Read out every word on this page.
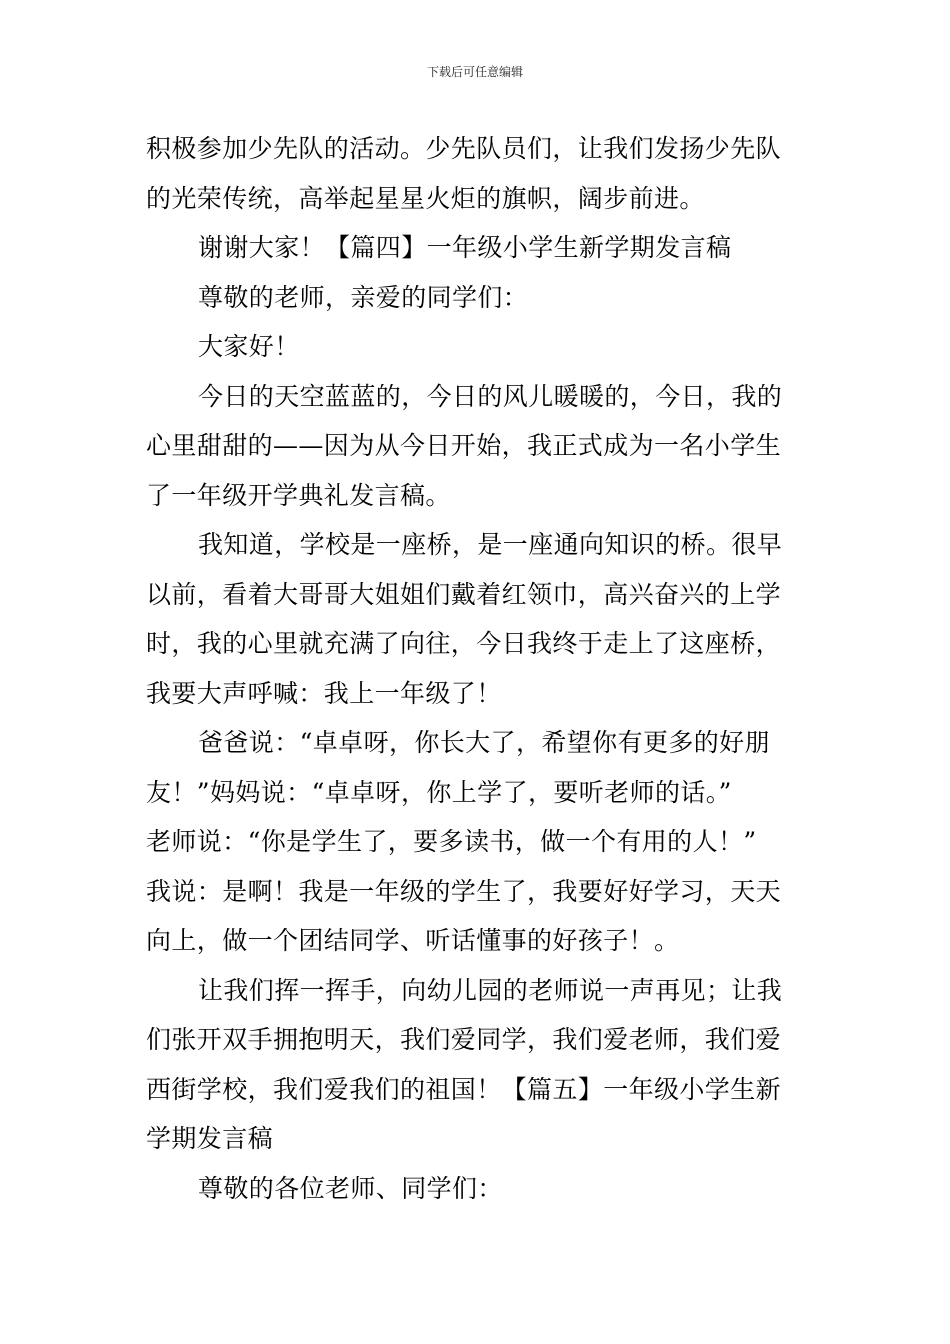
下载后可任意编辑
积极参加少先队的活动。少先队员们，让我们发扬少先队
的光荣传统，高举起星星火炬的旗帜，阔步前进。
谢谢大家！【篇四】一年级小学生新学期发言稿
尊敬的老师，亲爱的同学们：
大家好！
今日的天空蓝蓝的，今日的风儿暖暖的，今日，我的
心里甜甜的——因为从今日开始，我正式成为一名小学生
了一年级开学典礼发言稿。
我知道，学校是一座桥，是一座通向知识的桥。很早
以前，看着大哥哥大姐姐们戴着红领巾，高兴奋兴的上学
时，我的心里就充满了向往，今日我终于走上了这座桥，
我要大声呼喊：我上一年级了！
爸爸说：“卓卓呀，你长大了，希望你有更多的好朋
友！”妈妈说：“卓卓呀，你上学了，要听老师的话。”
老师说：“你是学生了，要多读书，做一个有用的人！”
我说：是啊！我是一年级的学生了，我要好好学习，天天
向上，做一个团结同学、听话懂事的好孩子！。
让我们挥一挥手，向幼儿园的老师说一声再见；让我
们张开双手拥抱明天，我们爱同学，我们爱老师，我们爱
西街学校，我们爱我们的祖国！【篇五】一年级小学生新
学期发言稿
尊敬的各位老师、同学们：
